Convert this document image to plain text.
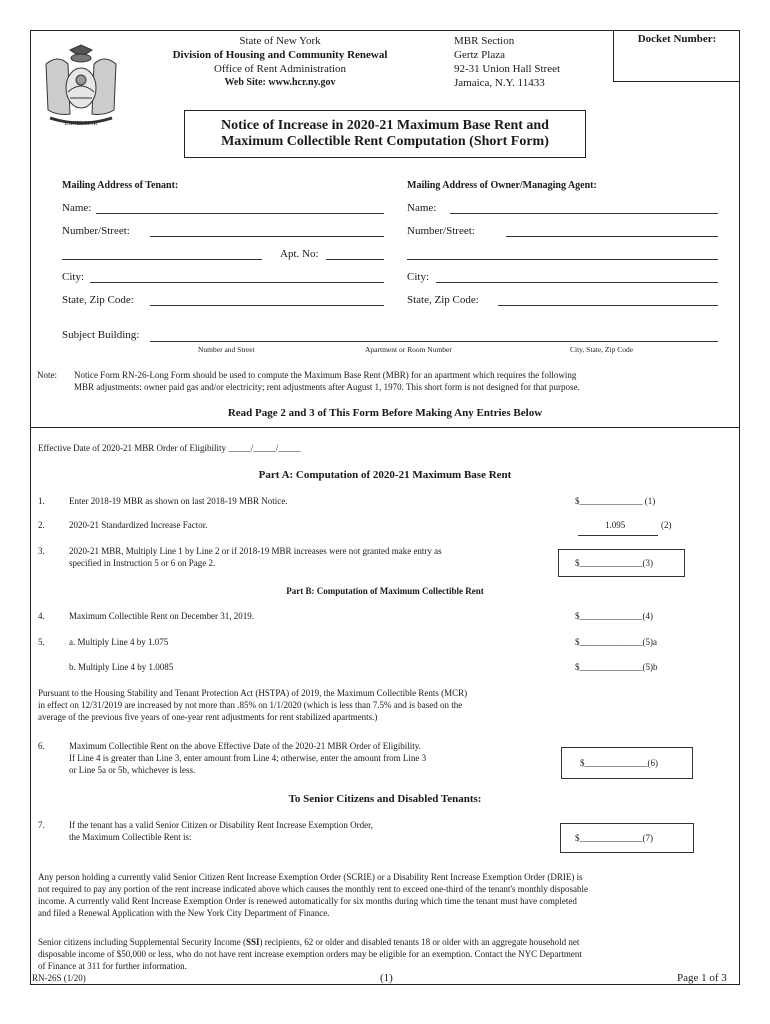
EXCELSIOR
State of New York
Division of Housing and Community Renewal
Office of Rent Administration
Web Site: www.hcr.ny.gov
MBR Section
Gertz Plaza
92-31 Union Hall Street
Jamaica, N.Y. 11433
Docket Number:
Notice of Increase in 2020-21 Maximum Base Rent and
Maximum Collectible Rent Computation (Short Form)
Mailing Address of Tenant:
Name:
Number/Street:
Apt. No:
City:
State, Zip Code:
Mailing Address of Owner/Managing Agent:
Name:
Number/Street:
City:
State, Zip Code:
Subject Building:
Number and Street	Apartment or Room Number	City, State, Zip Code
Note: Notice Form RN-26-Long Form should be used to compute the Maximum Base Rent (MBR) for an apartment which requires the following
MBR adjustments: owner paid gas and/or electricity; rent adjustments after August 1, 1970. This short form is not designed for that purpose.
Read Page 2 and 3 of This Form Before Making Any Entries Below
Effective Date of 2020-21 MBR Order of Eligibility _____/_____/_____
Part A: Computation of 2020-21 Maximum Base Rent
1.	Enter 2018-19 MBR as shown on last 2018-19 MBR Notice.	$______________ (1)
2.	2020-21 Standardized Increase Factor.	1.095	(2)
3.	2020-21 MBR, Multiply Line 1 by Line 2 or if 2018-19 MBR increases were not granted make entry as
specified in Instruction 5 or 6 on Page 2.	$______________(3)
Part B: Computation of Maximum Collectible Rent
4.	Maximum Collectible Rent on December 31, 2019.	$______________(4)
5.	a. Multiply Line 4 by 1.075	$______________(5)a
b. Multiply Line 4 by 1.0085	$______________(5)b
Pursuant to the Housing Stability and Tenant Protection Act (HSTPA) of 2019, the Maximum Collectible Rents (MCR)
in effect on 12/31/2019 are increased by not more than .85% on 1/1/2020 (which is less than 7.5% and is based on the
average of the previous five years of one-year rent adjustments for rent stabilized apartments.)
6.	Maximum Collectible Rent on the above Effective Date of the 2020-21 MBR Order of Eligibility.
If Line 4 is greater than Line 3, enter amount from Line 4; otherwise, enter the amount from Line 3
or Line 5a or 5b, whichever is less.
$______________(6)
To Senior Citizens and Disabled Tenants:
7.	If the tenant has a valid Senior Citizen or Disability Rent Increase Exemption Order,
the Maximum Collectible Rent is:	$______________(7)
Any person holding a currently valid Senior Citizen Rent Increase Exemption Order (SCRIE) or a Disability Rent Increase Exemption Order (DRIE) is
not required to pay any portion of the rent increase indicated above which causes the monthly rent to exceed one-third of the tenant's monthly disposable
income. A currently valid Rent Increase Exemption Order is renewed automatically for six months during which time the tenant must have completed
and filed a Renewal Application with the New York City Department of Finance.
Senior citizens including Supplemental Security Income (SSI) recipients, 62 or older and disabled tenants 18 or older with an aggregate household net
disposable income of $50,000 or less, who do not have rent increase exemption orders may be eligible for an exemption. Contact the NYC Department
of Finance at 311 for further information.
RN-26S (1/20)	(1)	Page 1 of 3
